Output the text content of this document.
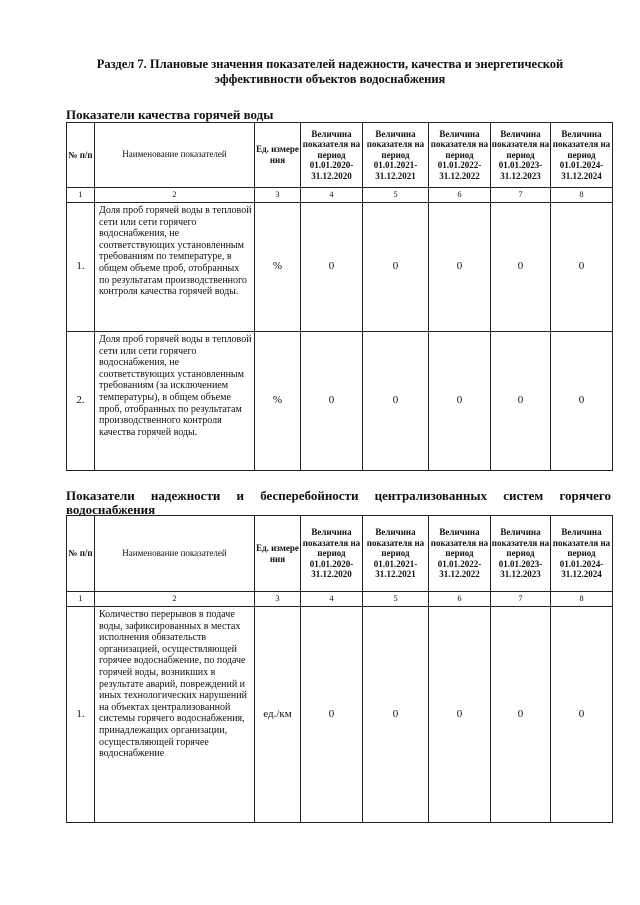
Раздел 7. Плановые значения показателей надежности, качества и энергетической эффективности объектов водоснабжения
Показатели качества горячей воды
№ п/п	Наименование показателей	Ед. измере ния	Величина показателя на период 01.01.2020- 31.12.2020	Величина показателя на период 01.01.2021- 31.12.2021	Величина показателя на период 01.01.2022- 31.12.2022	Величина показателя на период 01.01.2023- 31.12.2023	Величина показателя на период 01.01.2024- 31.12.2024
1	2	3	4	5	6	7	8
1.	Доля проб горячей воды в тепловой сети или сети горячего водоснабжения, не соответствующих установленным требованиям по температуре, в общем объеме проб, отобранных по результатам производственного контроля качества горячей воды.	%	0	0	0	0	0
2.	Доля проб горячей воды в тепловой сети или сети горячего водоснабжения, не соответствующих установленным требованиям (за исключением температуры), в общем объеме проб, отобранных по результатам производственного контроля качества горячей воды.	%	0	0	0	0	0
Показатели надежности и бесперебойности централизованных систем горячего водоснабжения
№ п/п	Наименование показателей	Ед. измере ния	Величина показателя на период 01.01.2020- 31.12.2020	Величина показателя на период 01.01.2021- 31.12.2021	Величина показателя на период 01.01.2022- 31.12.2022	Величина показателя на период 01.01.2023- 31.12.2023	Величина показателя на период 01.01.2024- 31.12.2024
1	2	3	4	5	6	7	8
1.	Количество перерывов в подаче воды, зафиксированных в местах исполнения обязательств организацией, осуществляющей горячее водоснабжение, по подаче горячей воды, возникших в результате аварий, повреждений и иных технологических нарушений на объектах централизованной системы горячего водоснабжения, принадлежащих организации, осуществляющей горячее водоснабжение	ед./км	0	0	0	0	0
